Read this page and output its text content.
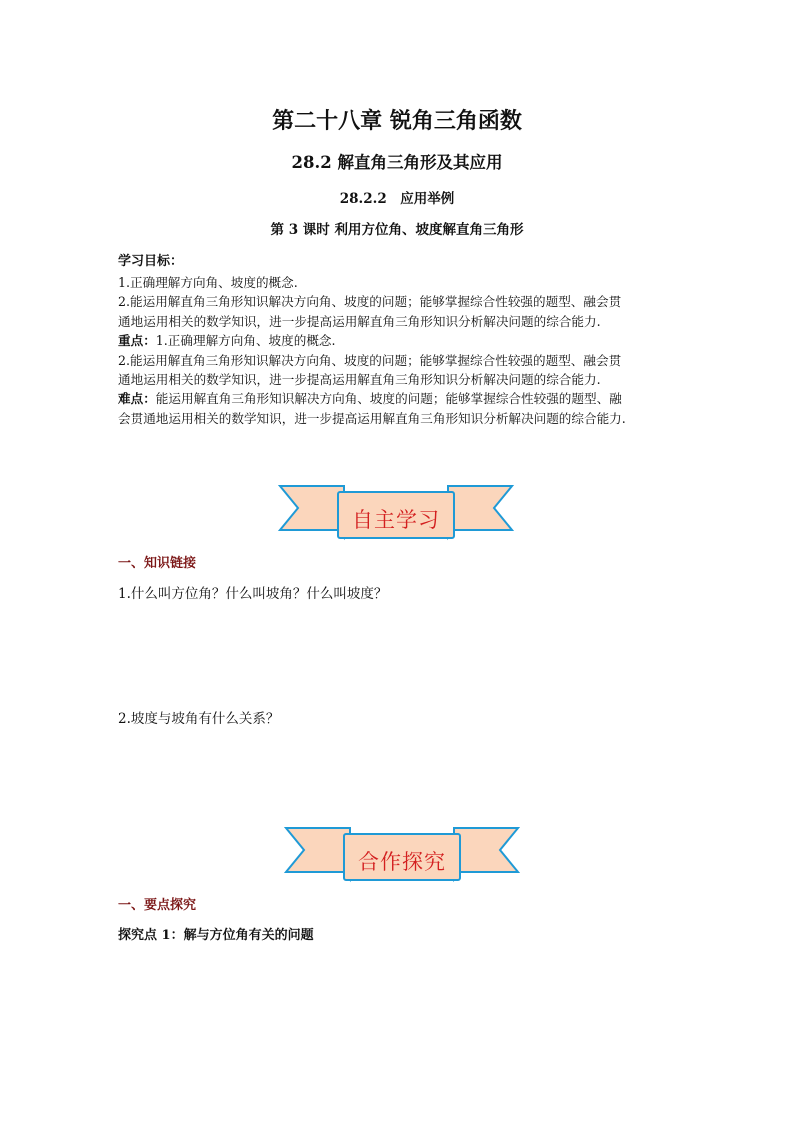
第二十八章 锐角三角函数
28.2 解直角三角形及其应用
28.2.2　应用举例
第 3 课时 利用方位角、坡度解直角三角形
学习目标：

1.正确理解方向角、坡度的概念.

2.能运用解直角三角形知识解决方向角、坡度的问题；能够掌握综合性较强的题型、融会贯

通地运用相关的数学知识，进一步提高运用解直角三角形知识分析解决问题的综合能力.

重点：1.正确理解方向角、坡度的概念.

2.能运用解直角三角形知识解决方向角、坡度的问题；能够掌握综合性较强的题型、融会贯

通地运用相关的数学知识，进一步提高运用解直角三角形知识分析解决问题的综合能力.

难点：能运用解直角三角形知识解决方向角、坡度的问题；能够掌握综合性较强的题型、融

会贯通地运用相关的数学知识，进一步提高运用解直角三角形知识分析解决问题的综合能力.

自主学习
一、知识链接
1.什么叫方位角？什么叫坡角？什么叫坡度？
2.坡度与坡角有什么关系？
合作探究
一、要点探究
探究点 1：解与方位角有关的问题
